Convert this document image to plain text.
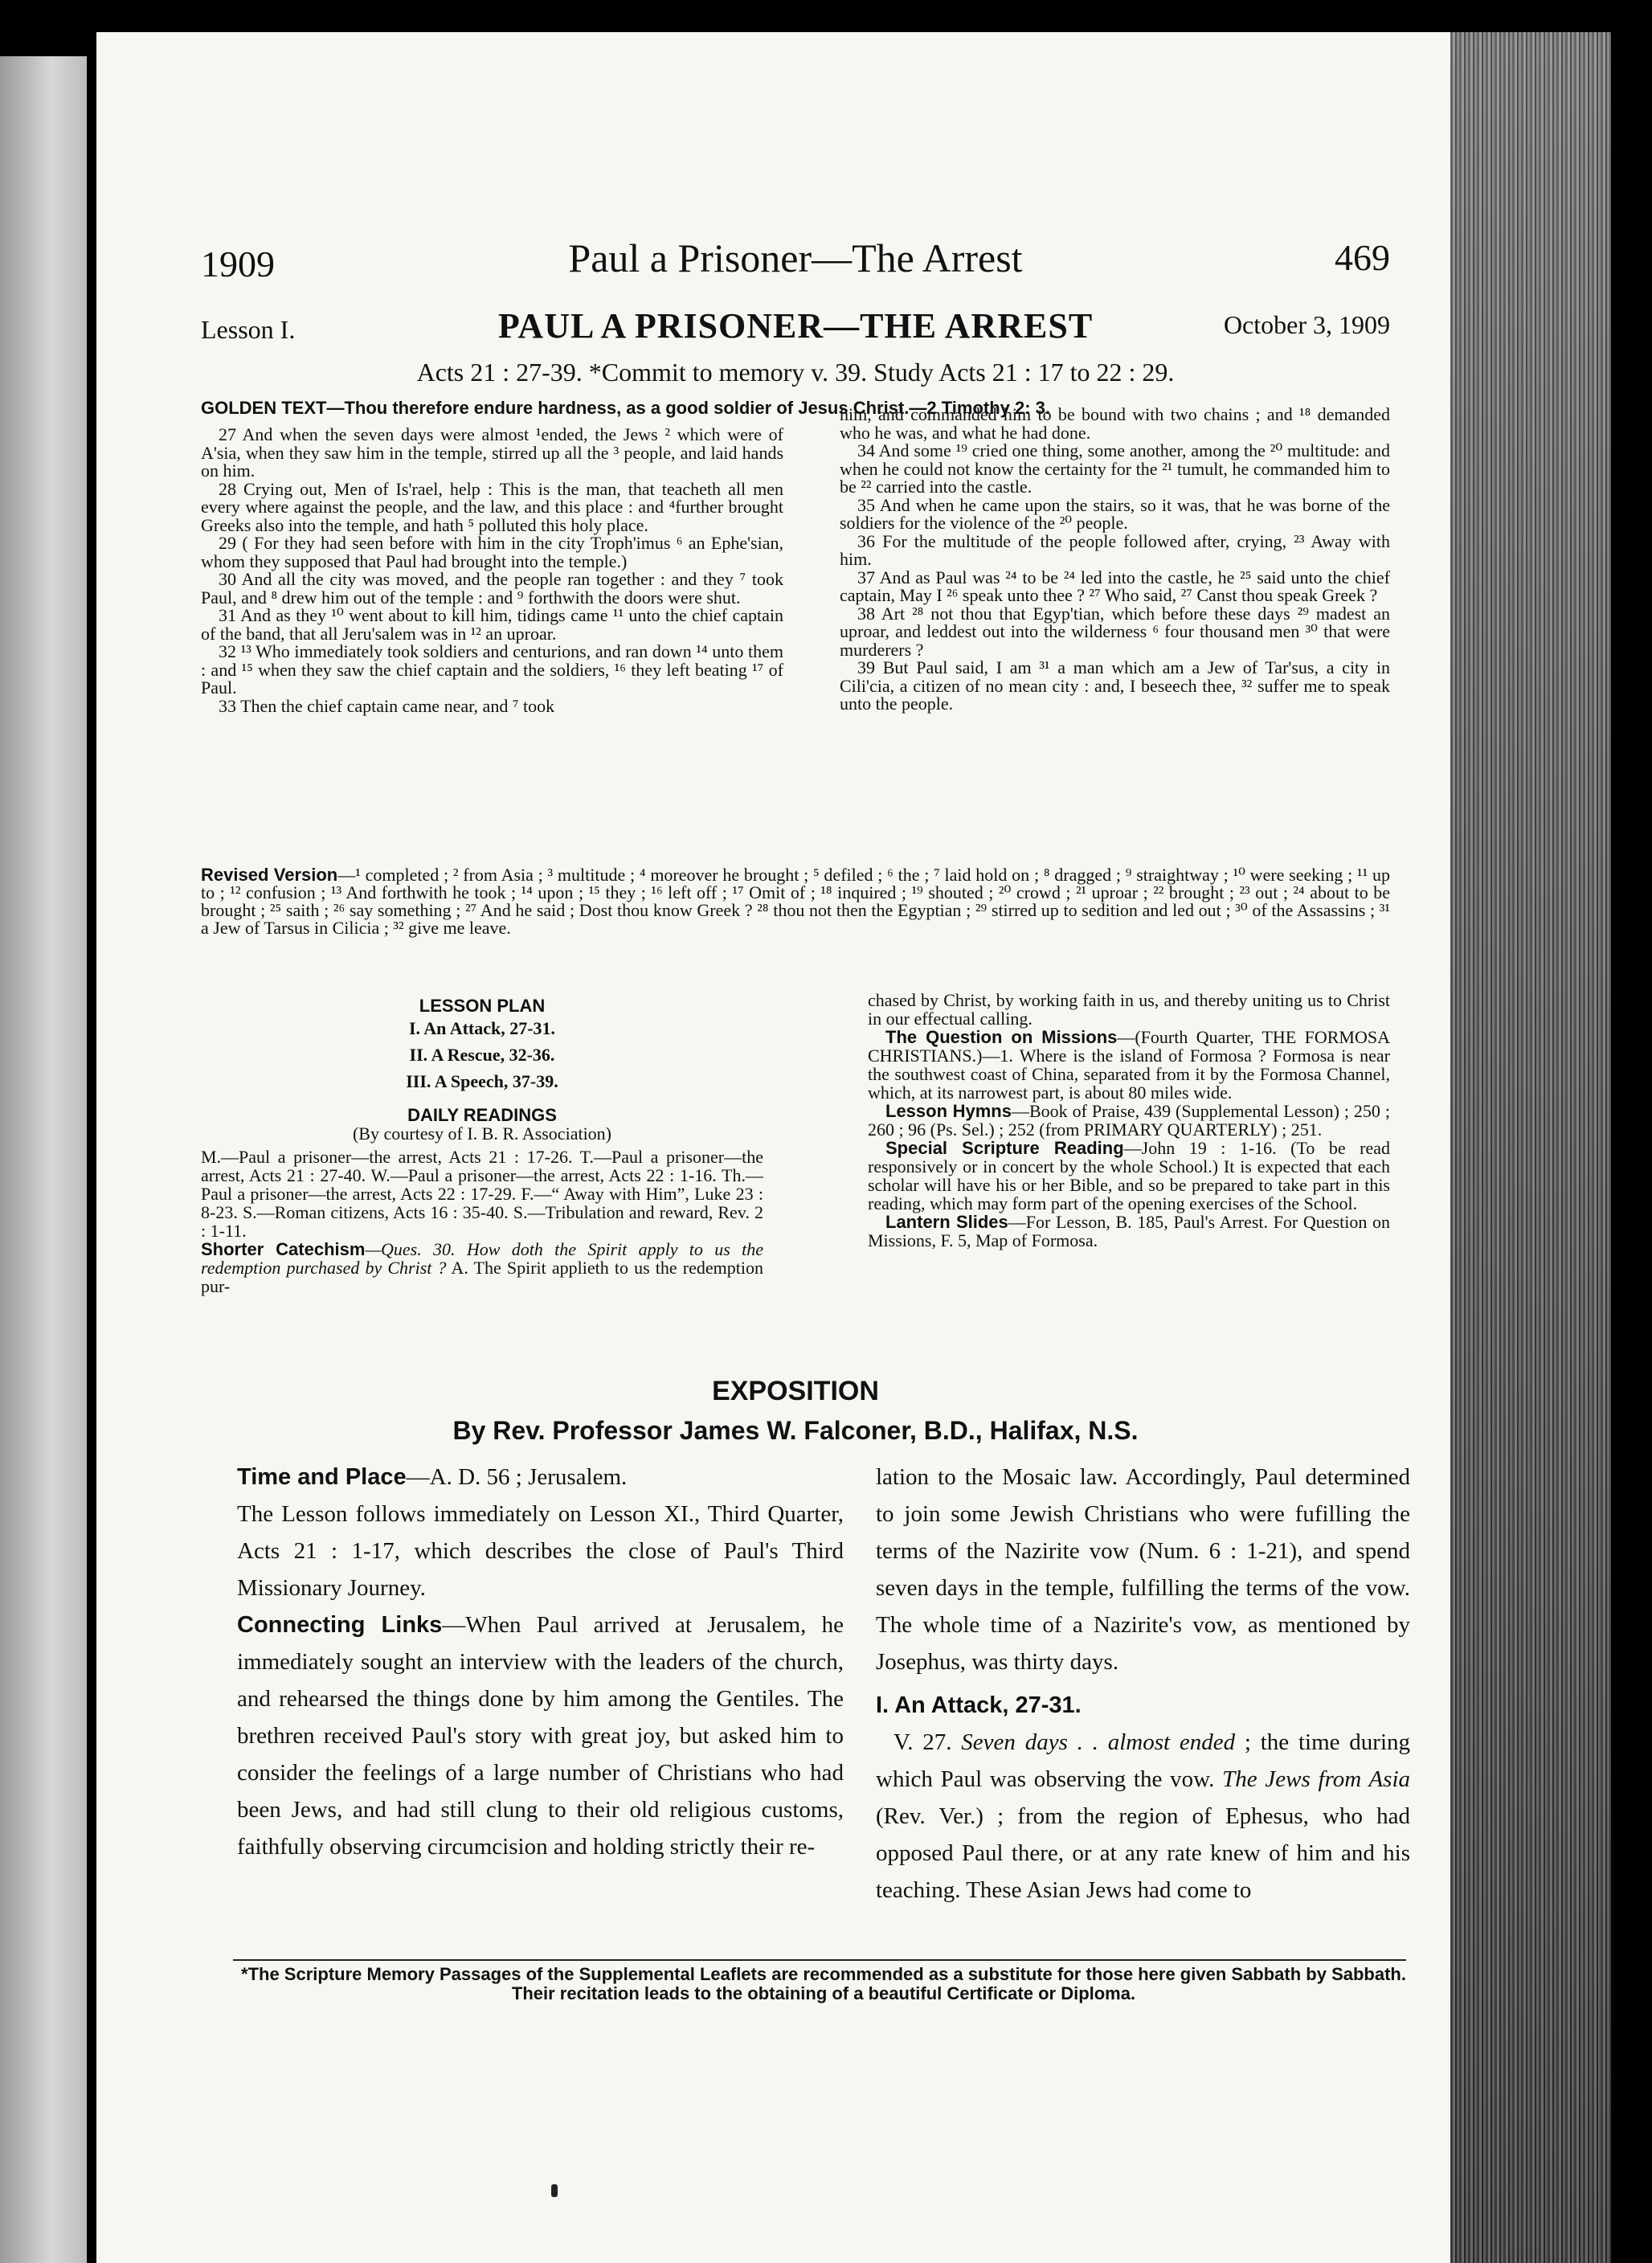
1909	Paul a Prisoner—The Arrest	469
Lesson I.	PAUL A PRISONER—THE ARREST	October 3, 1909
Acts 21 : 27-39. *Commit to memory v. 39. Study Acts 21 : 17 to 22 : 29.
GOLDEN TEXT—Thou therefore endure hardness, as a good soldier of Jesus Christ.—2 Timothy 2: 3.

27 And when the seven days were almost ¹ended, the Jews ² which were of A'sia, when they saw him in the temple, stirred up all the ³ people, and laid hands on him.

28 Crying out, Men of Is'rael, help : This is the man, that teacheth all men every where against the people, and the law, and this place : and ⁴further brought Greeks also into the temple, and hath ⁵ polluted this holy place.

29 ( For they had seen before with him in the city Troph'imus ⁶ an Ephe'sian, whom they supposed that Paul had brought into the temple.)

30 And all the city was moved, and the people ran together : and they ⁷ took Paul, and ⁸ drew him out of the temple : and ⁹ forthwith the doors were shut.

31 And as they ¹⁰ went about to kill him, tidings came ¹¹ unto the chief captain of the band, that all Jeru'salem was in ¹² an uproar.

32 ¹³ Who immediately took soldiers and centurions, and ran down ¹⁴ unto them : and ¹⁵ when they saw the chief captain and the soldiers, ¹⁶ they left beating ¹⁷ of Paul.

33 Then the chief captain came near, and ⁷ took

him, and commanded him to be bound with two chains ; and ¹⁸ demanded who he was, and what he had done.

34 And some ¹⁹ cried one thing, some another, among the ²⁰ multitude: and when he could not know the certainty for the ²¹ tumult, he commanded him to be ²² carried into the castle.

35 And when he came upon the stairs, so it was, that he was borne of the soldiers for the violence of the ²⁰ people.

36 For the multitude of the people followed after, crying, ²³ Away with him.

37 And as Paul was ²⁴ to be ²⁴ led into the castle, he ²⁵ said unto the chief captain, May I ²⁶ speak unto thee ? ²⁷ Who said, ²⁷ Canst thou speak Greek ?

38 Art ²⁸ not thou that Egyp'tian, which before these days ²⁹ madest an uproar, and leddest out into the wilderness ⁶ four thousand men ³⁰ that were murderers ?

39 But Paul said, I am ³¹ a man which am a Jew of Tar'sus, a city in Cili'cia, a citizen of no mean city : and, I beseech thee, ³² suffer me to speak unto the people.

Revised Version—¹ completed ; ² from Asia ; ³ multitude ; ⁴ moreover he brought ; ⁵ defiled ; ⁶ the ; ⁷ laid hold on ; ⁸ dragged ; ⁹ straightway ; ¹⁰ were seeking ; ¹¹ up to ; ¹² confusion ; ¹³ And forthwith he took ; ¹⁴ upon ; ¹⁵ they ; ¹⁶ left off ; ¹⁷ Omit of ; ¹⁸ inquired ; ¹⁹ shouted ; ²⁰ crowd ; ²¹ uproar ; ²² brought ; ²³ out ; ²⁴ about to be brought ; ²⁵ saith ; ²⁶ say something ; ²⁷ And he said ; Dost thou know Greek ? ²⁸ thou not then the Egyptian ; ²⁹ stirred up to sedition and led out ; ³⁰ of the Assassins ; ³¹ a Jew of Tarsus in Cilicia ; ³² give me leave.
LESSON PLAN
I. An Attack, 27-31.
II. A Rescue, 32-36.
III. A Speech, 37-39.
DAILY READINGS
(By courtesy of I. B. R. Association)

M.—Paul a prisoner—the arrest, Acts 21 : 17-26. T.—Paul a prisoner—the arrest, Acts 21 : 27-40. W.—Paul a prisoner—the arrest, Acts 22 : 1-16. Th.—Paul a prisoner—the arrest, Acts 22 : 17-29. F.—“ Away with Him”, Luke 23 : 8-23. S.—Roman citizens, Acts 16 : 35-40. S.—Tribulation and reward, Rev. 2 : 1-11.

Shorter Catechism—Ques. 30. How doth the Spirit apply to us the redemption purchased by Christ ? A. The Spirit applieth to us the redemption pur-

chased by Christ, by working faith in us, and thereby uniting us to Christ in our effectual calling.

The Question on Missions—(Fourth Quarter, THE FORMOSA CHRISTIANS.)—1. Where is the island of Formosa ? Formosa is near the southwest coast of China, separated from it by the Formosa Channel, which, at its narrowest part, is about 80 miles wide.

Lesson Hymns—Book of Praise, 439 (Supplemental Lesson) ; 250 ; 260 ; 96 (Ps. Sel.) ; 252 (from PRIMARY QUARTERLY) ; 251.

Special Scripture Reading—John 19 : 1-16. (To be read responsively or in concert by the whole School.) It is expected that each scholar will have his or her Bible, and so be prepared to take part in this reading, which may form part of the opening exercises of the School.

Lantern Slides—For Lesson, B. 185, Paul's Arrest. For Question on Missions, F. 5, Map of Formosa.

EXPOSITION
By Rev. Professor James W. Falconer, B.D., Halifax, N.S.

Time and Place—A. D. 56 ; Jerusalem.

The Lesson follows immediately on Lesson XI., Third Quarter, Acts 21 : 1-17, which describes the close of Paul's Third Missionary Journey.

Connecting Links—When Paul arrived at Jerusalem, he immediately sought an interview with the leaders of the church, and rehearsed the things done by him among the Gentiles. The brethren received Paul's story with great joy, but asked him to consider the feelings of a large number of Christians who had been Jews, and had still clung to their old religious customs, faithfully observing circumcision and holding strictly their re-

lation to the Mosaic law. Accordingly, Paul determined to join some Jewish Christians who were fufilling the terms of the Nazirite vow (Num. 6 : 1-21), and spend seven days in the temple, fulfilling the terms of the vow. The whole time of a Nazirite's vow, as mentioned by Josephus, was thirty days.

I. An Attack, 27-31.

V. 27. Seven days . . almost ended ; the time during which Paul was observing the vow. The Jews from Asia (Rev. Ver.) ; from the region of Ephesus, who had opposed Paul there, or at any rate knew of him and his teaching. These Asian Jews had come to

*The Scripture Memory Passages of the Supplemental Leaflets are recommended as a substitute for those here given Sabbath by Sabbath. Their recitation leads to the obtaining of a beautiful Certificate or Diploma.
